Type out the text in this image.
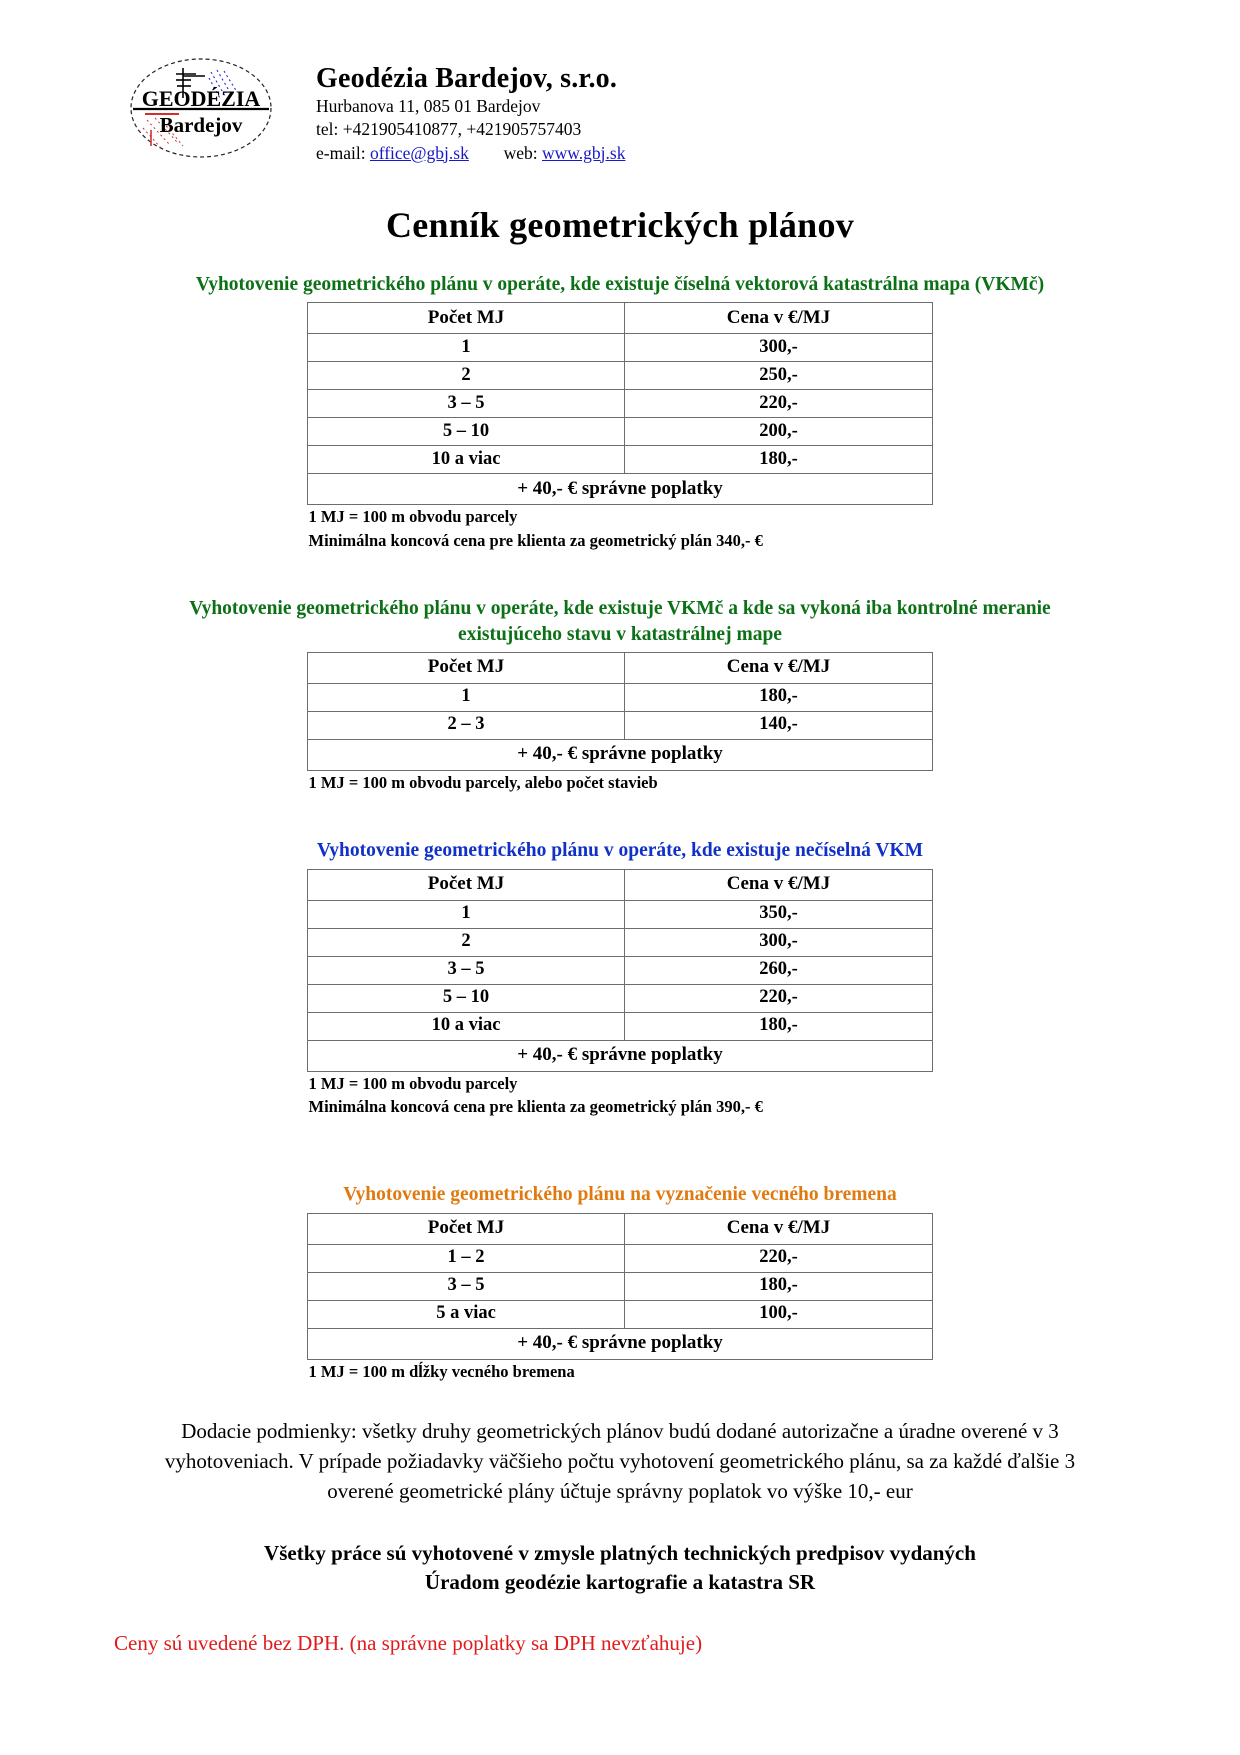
GEODÉZIA
Bardejov
Geodézia Bardejov, s.r.o.
Hurbanova 11, 085 01 Bardejov
tel: +421905410877, +421905757403
e-mail: office@gbj.sk web: www.gbj.sk
Cenník geometrických plánov
Vyhotovenie geometrického plánu v operáte, kde existuje číselná vektorová katastrálna mapa (VKMč)
Počet MJ	Cena v €/MJ
1	300,-
2	250,-
3 – 5	220,-
5 – 10	200,-
10 a viac	180,-
+ 40,- € správne poplatky	
1 MJ = 100 m obvodu parcely
Minimálna koncová cena pre klienta za geometrický plán 340,- €
Vyhotovenie geometrického plánu v operáte, kde existuje VKMč a kde sa vykoná iba kontrolné meranie existujúceho stavu v katastrálnej mape
Počet MJ	Cena v €/MJ
1	180,-
2 – 3	140,-
+ 40,- € správne poplatky	
1 MJ = 100 m obvodu parcely, alebo počet stavieb
Vyhotovenie geometrického plánu v operáte, kde existuje nečíselná VKM
Počet MJ	Cena v €/MJ
1	350,-
2	300,-
3 – 5	260,-
5 – 10	220,-
10 a viac	180,-
+ 40,- € správne poplatky	
1 MJ = 100 m obvodu parcely
Minimálna koncová cena pre klienta za geometrický plán 390,- €
Vyhotovenie geometrického plánu na vyznačenie vecného bremena
Počet MJ	Cena v €/MJ
1 – 2	220,-
3 – 5	180,-
5 a viac	100,-
+ 40,- € správne poplatky	
1 MJ = 100 m dĺžky vecného bremena
Dodacie podmienky: všetky druhy geometrických plánov budú dodané autorizačne a úradne overené v 3 vyhotoveniach. V prípade požiadavky väčšieho počtu vyhotovení geometrického plánu, sa za každé ďalšie 3 overené geometrické plány účtuje správny poplatok vo výške 10,- eur
Všetky práce sú vyhotovené v zmysle platných technických predpisov vydaných
Úradom geodézie kartografie a katastra SR
Ceny sú uvedené bez DPH. (na správne poplatky sa DPH nevzťahuje)
